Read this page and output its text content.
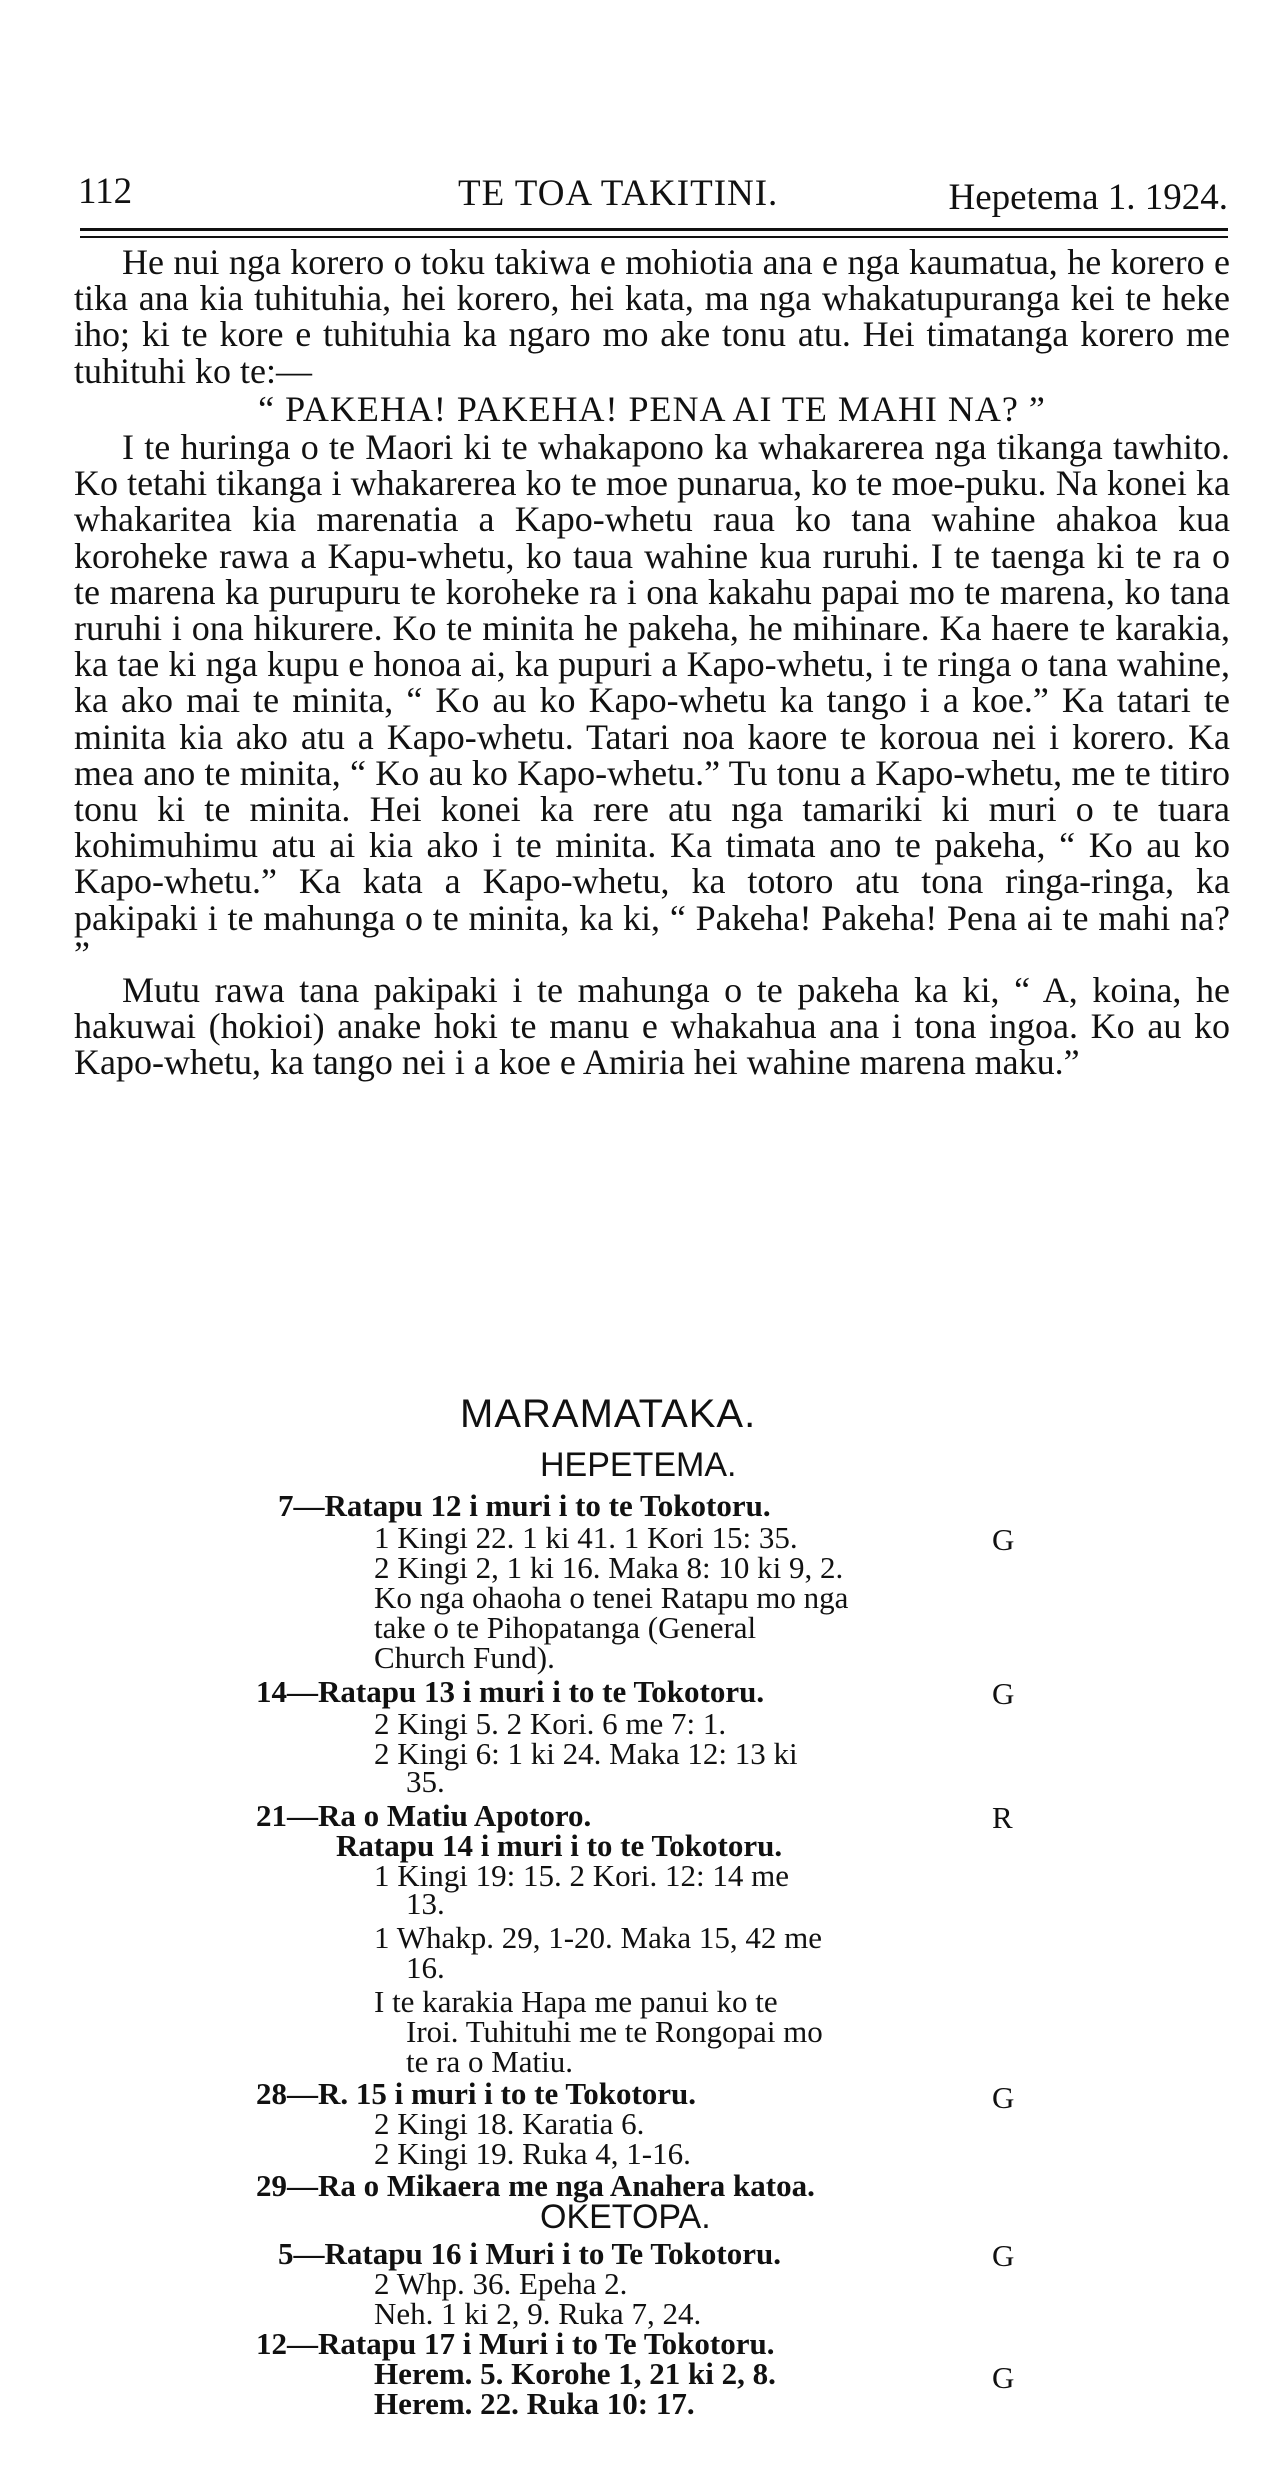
112	TE TOA TAKITINI.	Hepetema 1. 1924.

He nui nga korero o toku takiwa e mohiotia ana e nga kaumatua, he korero e tika ana kia tuhituhia, hei korero, hei kata, ma nga whakatupuranga kei te heke iho; ki te kore e tuhituhia ka ngaro mo ake tonu atu. Hei timatanga korero me tuhituhi ko te:—

“ PAKEHA! PAKEHA! PENA AI TE MAHI NA? ”

I te huringa o te Maori ki te whakapono ka whakarerea nga tikanga tawhito. Ko tetahi tikanga i whakarerea ko te moe punarua, ko te moe-puku. Na konei ka whakaritea kia marenatia a Kapo-whetu raua ko tana wahine ahakoa kua koroheke rawa a Kapu-whetu, ko taua wahine kua ruruhi. I te taenga ki te ra o te marena ka purupuru te koroheke ra i ona kakahu papai mo te marena, ko tana ruruhi i ona hikurere. Ko te minita he pakeha, he mihinare. Ka haere te karakia, ka tae ki nga kupu e honoa ai, ka pupuri a Kapo-whetu, i te ringa o tana wahine, ka ako mai te minita, “ Ko au ko Kapo-whetu ka tango i a koe.” Ka tatari te minita kia ako atu a Kapo-whetu. Tatari noa kaore te koroua nei i korero. Ka mea ano te minita, “ Ko au ko Kapo-whetu.” Tu tonu a Kapo-whetu, me te titiro tonu ki te minita. Hei konei ka rere atu nga tamariki ki muri o te tuara kohimuhimu atu ai kia ako i te minita. Ka timata ano te pakeha, “ Ko au ko Kapo-whetu.” Ka kata a Kapo-whetu, ka totoro atu tona ringa-ringa, ka pakipaki i te mahunga o te minita, ka ki, “ Pakeha! Pakeha! Pena ai te mahi na? ”

Mutu rawa tana pakipaki i te mahunga o te pakeha ka ki, “ A, koina, he hakuwai (hokioi) anake hoki te manu e whakahua ana i tona ingoa. Ko au ko Kapo-whetu, ka tango nei i a koe e Amiria hei wahine marena maku.”

MARAMATAKA.
HEPETEMA.
7—Ratapu 12 i muri i to te Tokotoru.
1 Kingi 22. 1 ki 41. 1 Kori 15: 35.	G
2 Kingi 2, 1 ki 16. Maka 8: 10 ki 9, 2.
Ko nga ohaoha o tenei Ratapu mo nga
take o te Pihopatanga (General
Church Fund).
14—Ratapu 13 i muri i to te Tokotoru.	G
2 Kingi 5. 2 Kori. 6 me 7: 1.
2 Kingi 6: 1 ki 24. Maka 12: 13 ki
35.
21—Ra o Matiu Apotoro.	R
Ratapu 14 i muri i to te Tokotoru.
1 Kingi 19: 15. 2 Kori. 12: 14 me
13.
1 Whakp. 29, 1-20. Maka 15, 42 me
16.
I te karakia Hapa me panui ko te
Iroi. Tuhituhi me te Rongopai mo
te ra o Matiu.
28—R. 15 i muri i to te Tokotoru.	G
2 Kingi 18. Karatia 6.
2 Kingi 19. Ruka 4, 1-16.
29—Ra o Mikaera me nga Anahera katoa.
OKETOPA.
5—Ratapu 16 i Muri i to Te Tokotoru.	G
2 Whp. 36. Epeha 2.
Neh. 1 ki 2, 9. Ruka 7, 24.
12—Ratapu 17 i Muri i to Te Tokotoru.
Herem. 5. Korohe 1, 21 ki 2, 8.	G
Herem. 22. Ruka 10: 17.
